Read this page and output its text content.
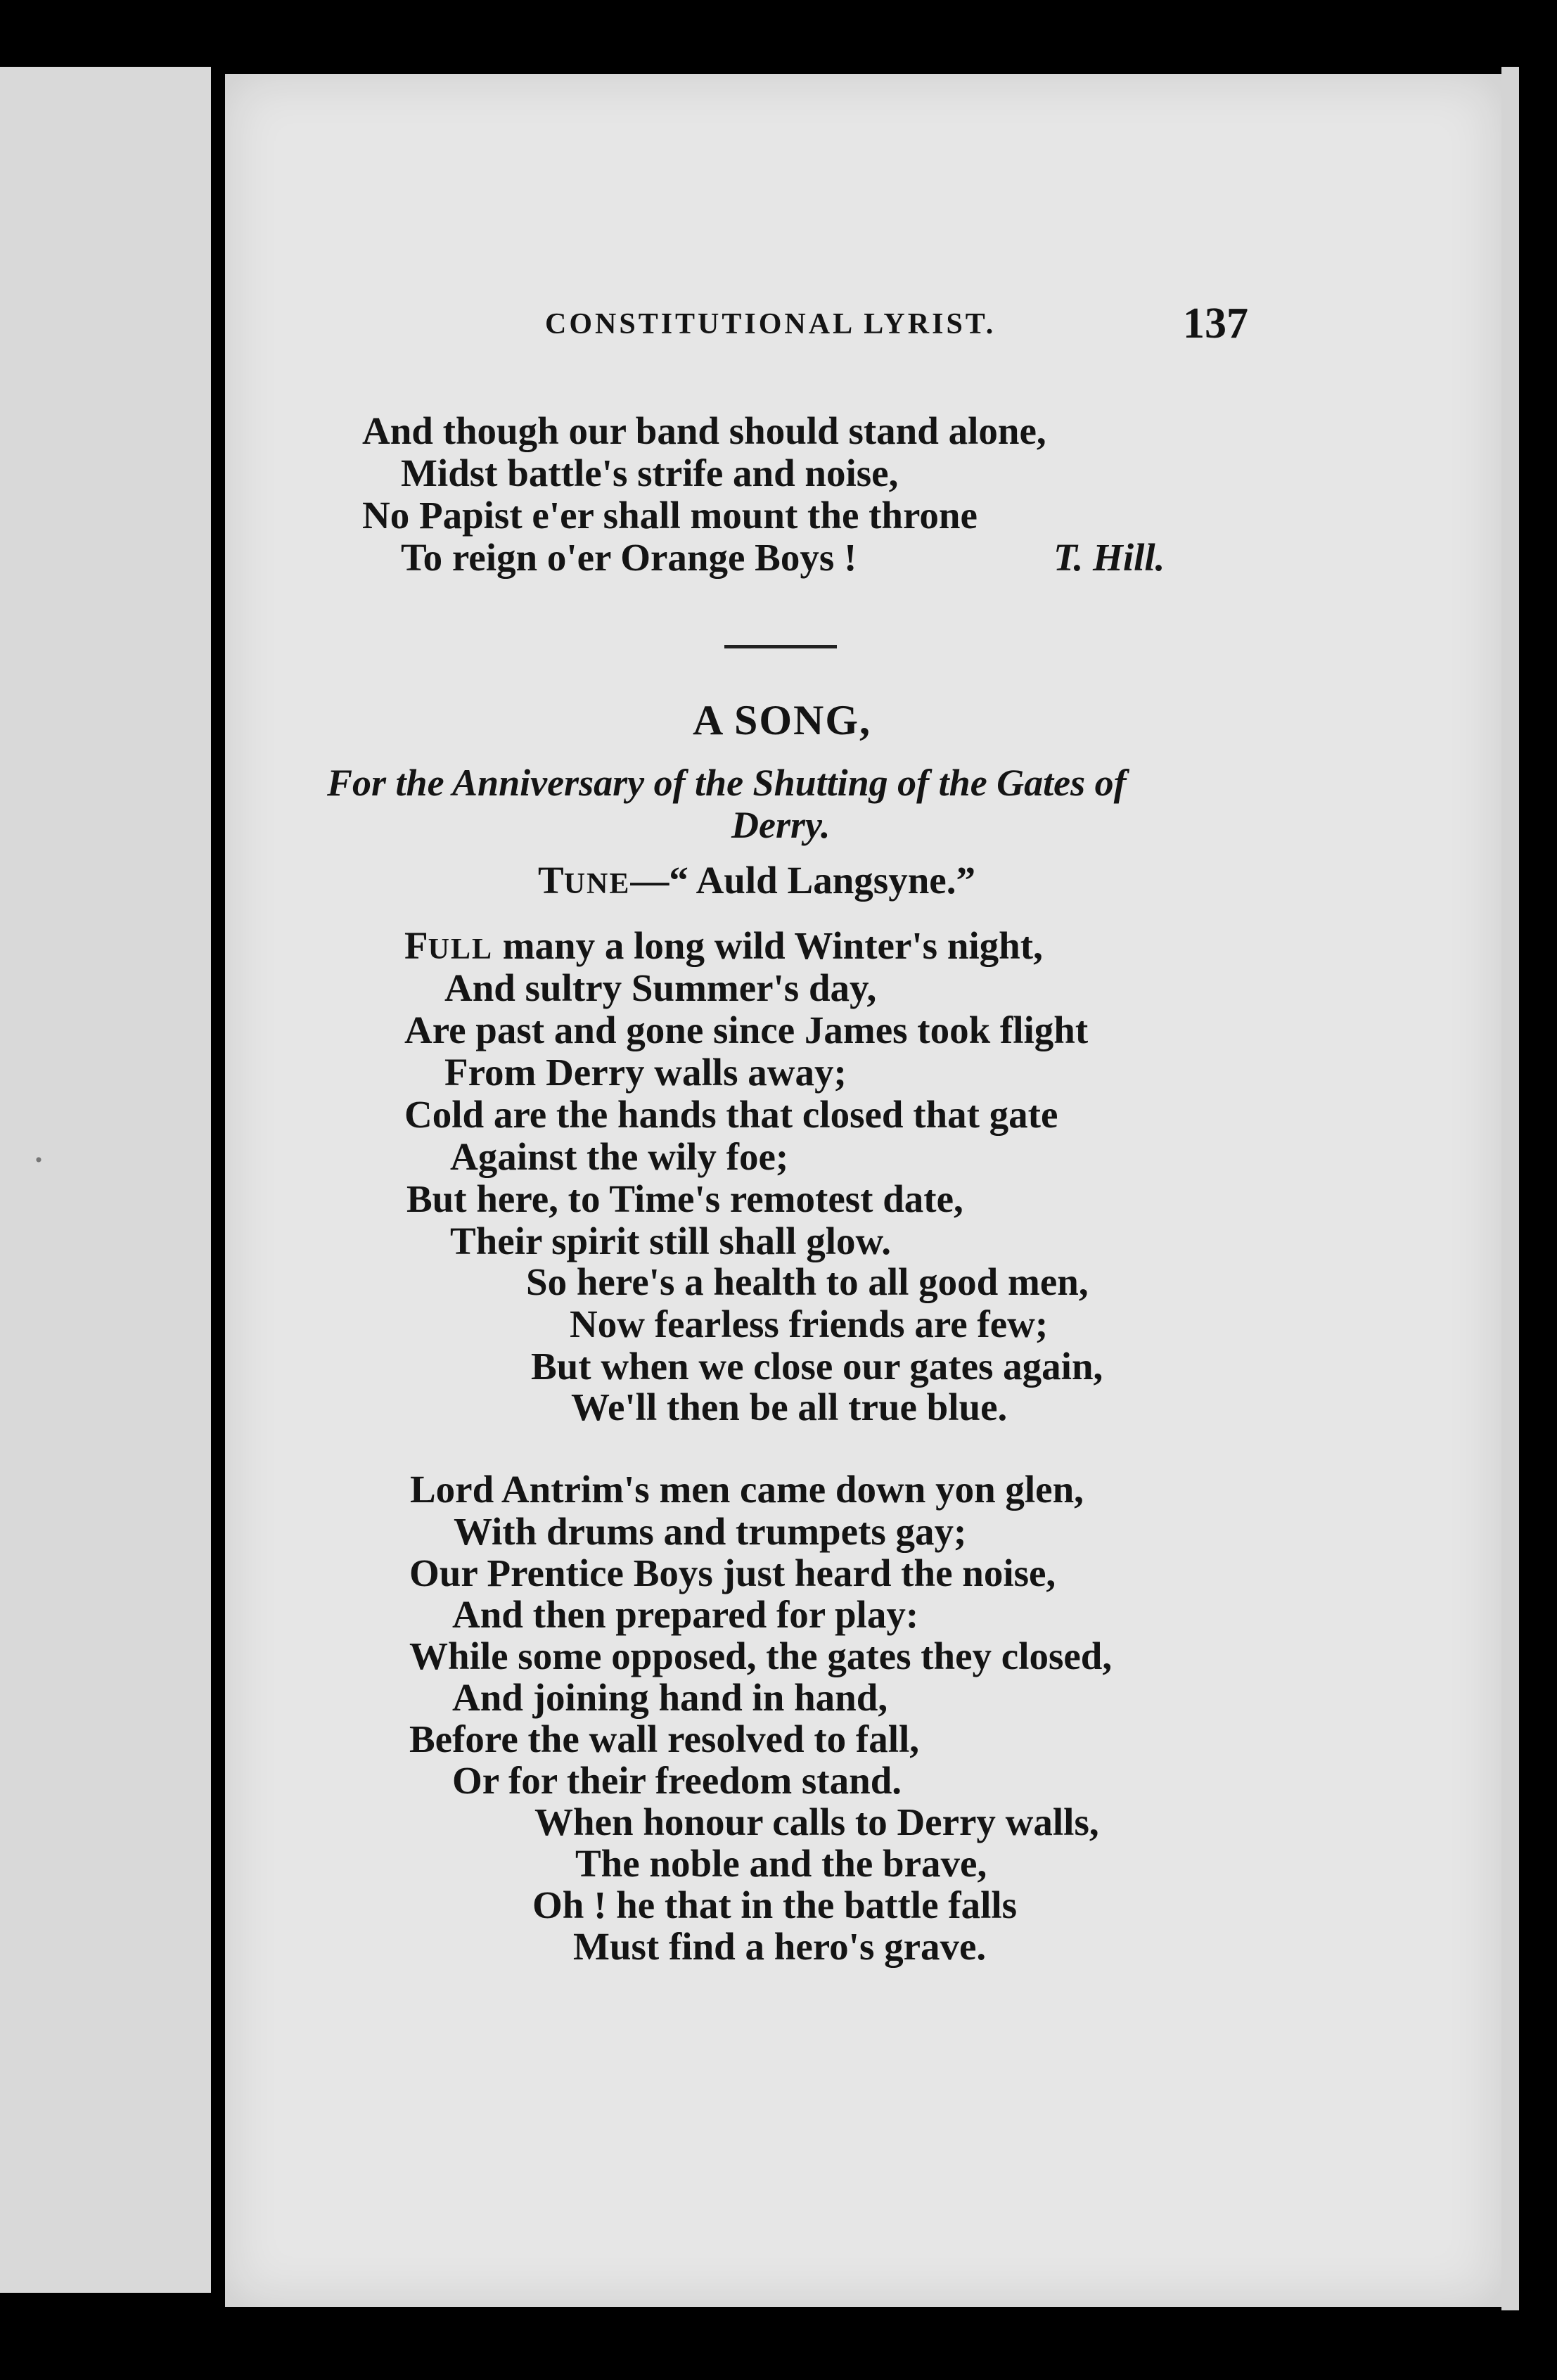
·
CONSTITUTIONAL LYRIST.	137
And though our band should stand alone,
Midst battle's strife and noise,
No Papist e'er shall mount the throne
To reign o'er Orange Boys !	T. Hill.
A SONG,
For the Anniversary of the Shutting of the Gates of
Derry.
TUNE—“ Auld Langsyne.”
FULL many a long wild Winter's night,
And sultry Summer's day,
Are past and gone since James took flight
From Derry walls away;
Cold are the hands that closed that gate
Against the wily foe;
But here, to Time's remotest date,
Their spirit still shall glow.
So here's a health to all good men,
Now fearless friends are few;
But when we close our gates again,
We'll then be all true blue.
Lord Antrim's men came down yon glen,
With drums and trumpets gay;
Our Prentice Boys just heard the noise,
And then prepared for play:
While some opposed, the gates they closed,
And joining hand in hand,
Before the wall resolved to fall,
Or for their freedom stand.
When honour calls to Derry walls,
The noble and the brave,
Oh ! he that in the battle falls
Must find a hero's grave.
